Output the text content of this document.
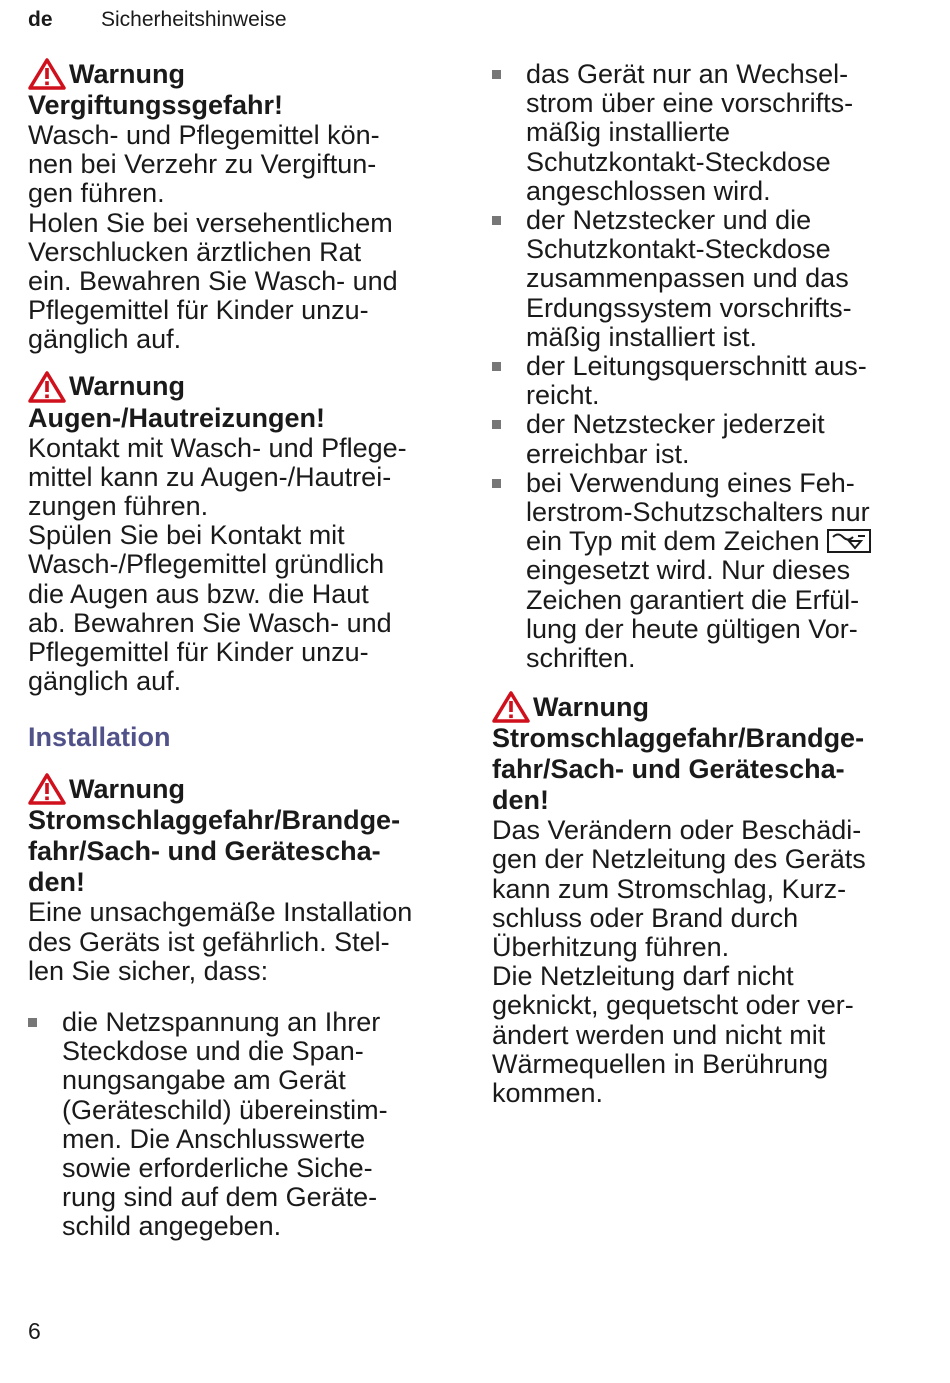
de Sicherheitshinweise
Warnung
Vergiftungssgefahr!

Wasch- und Pflegemittel kön-

nen bei Verzehr zu Vergiftun-

gen führen.

Holen Sie bei versehentlichem

Verschlucken ärztlichen Rat

ein. Bewahren Sie Wasch- und

Pflegemittel für Kinder unzu-

gänglich auf.

Warnung
Augen-/Hautreizungen!

Kontakt mit Wasch- und Pflege-

mittel kann zu Augen-/Hautrei-

zungen führen.

Spülen Sie bei Kontakt mit

Wasch-/Pflegemittel gründlich

die Augen aus bzw. die Haut

ab. Bewahren Sie Wasch- und

Pflegemittel für Kinder unzu-

gänglich auf.

Installation
Warnung
Stromschlaggefahr/Brandge-
fahr/Sach- und Geräteschа-
den!

Eine unsachgemäße Installation

des Geräts ist gefährlich. Stel-

len Sie sicher, dass:

die Netzspannung an Ihrer
Steckdose und die Span-
nungsangabe am Gerät
(Geräteschild) übereinstim-
men. Die Anschlusswerte
sowie erforderliche Siche-
rung sind auf dem Geräte-
schild angegeben.
das Gerät nur an Wechsel-
strom über eine vorschrifts-
mäßig installierte
Schutzkontakt-Steckdose
angeschlossen wird.
der Netzstecker und die
Schutzkontakt-Steckdose
zusammenpassen und das
Erdungssystem vorschrifts-
mäßig installiert ist.
der Leitungsquerschnitt aus-
reicht.
der Netzstecker jederzeit
erreichbar ist.
bei Verwendung eines Feh-
lerstrom-Schutzschalters nur
ein Typ mit dem Zeichen
eingesetzt wird. Nur dieses
Zeichen garantiert die Erfül-
lung der heute gültigen Vor-
schriften.
Warnung
Stromschlaggefahr/Brandge-
fahr/Sach- und Geräteschа-
den!

Das Verändern oder Beschädi-

gen der Netzleitung des Geräts

kann zum Stromschlag, Kurz-

schluss oder Brand durch

Überhitzung führen.

Die Netzleitung darf nicht

geknickt, gequetscht oder ver-

ändert werden und nicht mit

Wärmequellen in Berührung

kommen.

6
